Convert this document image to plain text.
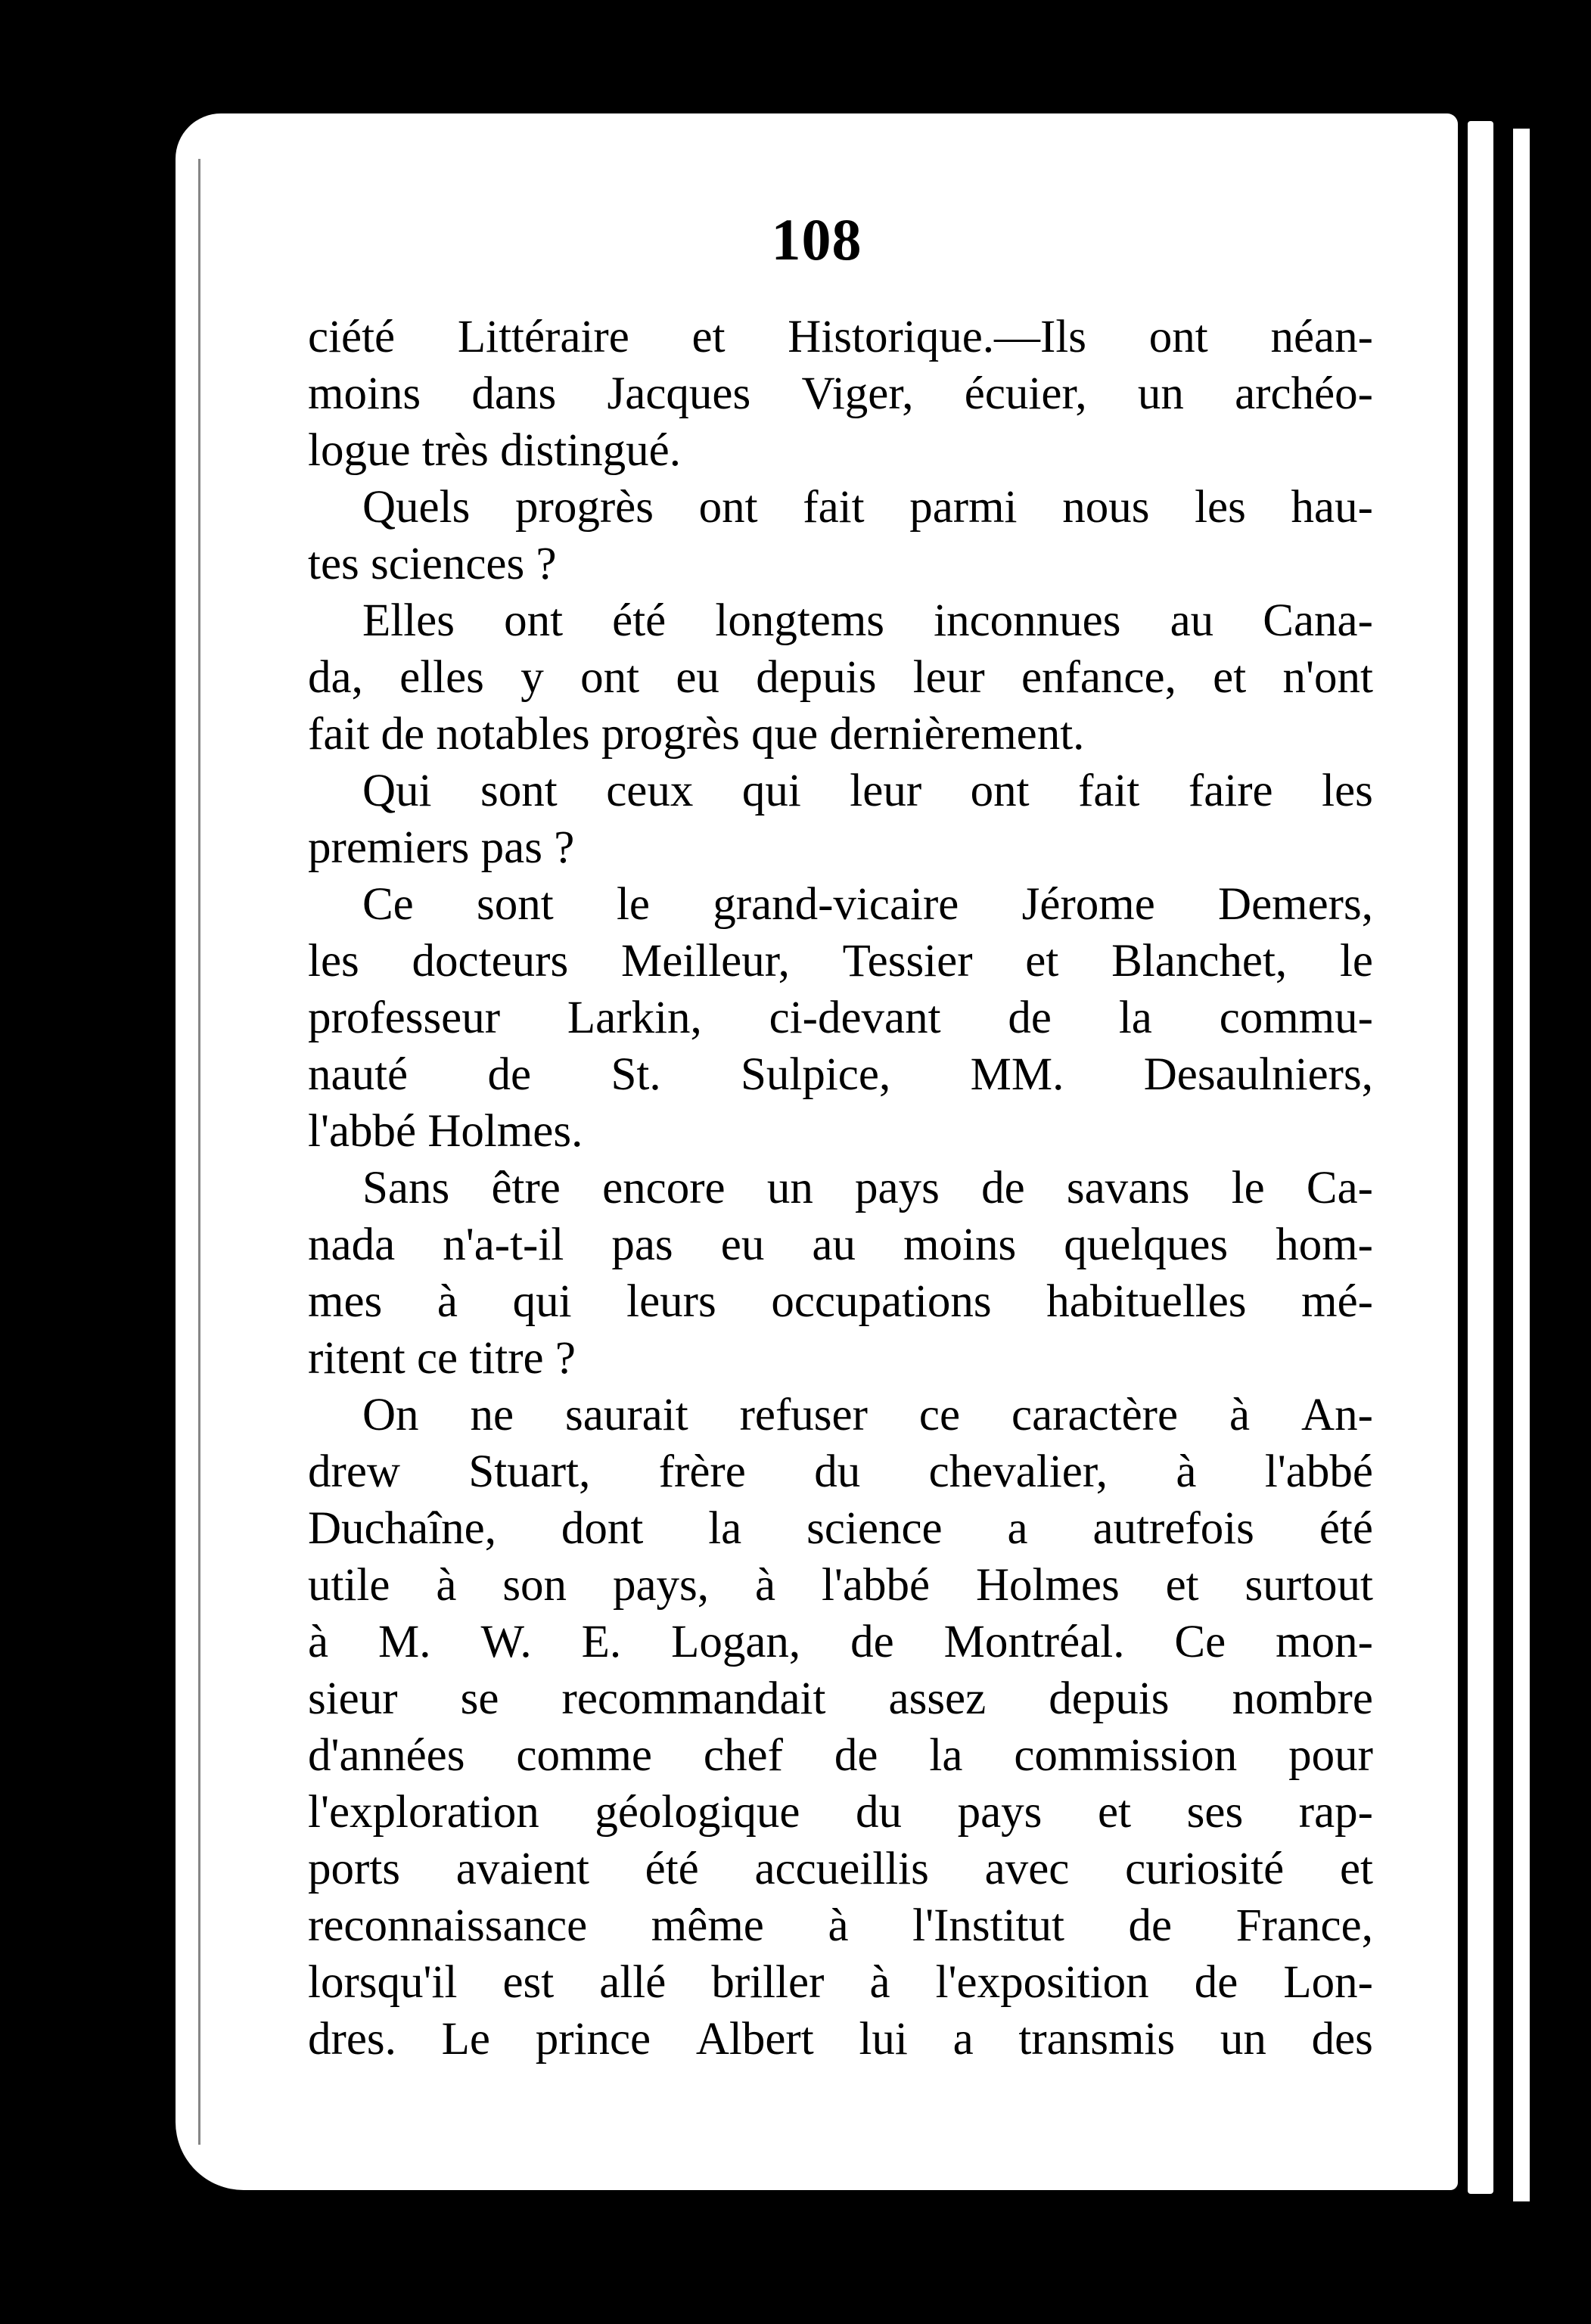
108
ciété Littéraire et Historique.—Ils ont néan-
moins dans Jacques Viger, écuier, un archéo-
logue très distingué.
Quels progrès ont fait parmi nous les hau-
tes sciences ?
Elles ont été longtems inconnues au Cana-
da, elles y ont eu depuis leur enfance, et n'ont
fait de notables progrès que dernièrement.
Qui sont ceux qui leur ont fait faire les
premiers pas ?
Ce sont le grand-vicaire Jérome Demers,
les docteurs Meilleur, Tessier et Blanchet, le
professeur Larkin, ci-devant de la commu-
nauté de St. Sulpice, MM. Desaulniers,
l'abbé Holmes.
Sans être encore un pays de savans le Ca-
nada n'a-t-il pas eu au moins quelques hom-
mes à qui leurs occupations habituelles mé-
ritent ce titre ?
On ne saurait refuser ce caractère à An-
drew Stuart, frère du chevalier, à l'abbé
Duchaîne, dont la science a autrefois été
utile à son pays, à l'abbé Holmes et surtout
à M. W. E. Logan, de Montréal. Ce mon-
sieur se recommandait assez depuis nombre
d'années comme chef de la commission pour
l'exploration géologique du pays et ses rap-
ports avaient été accueillis avec curiosité et
reconnaissance même à l'Institut de France,
lorsqu'il est allé briller à l'exposition de Lon-
dres. Le prince Albert lui a transmis un des
